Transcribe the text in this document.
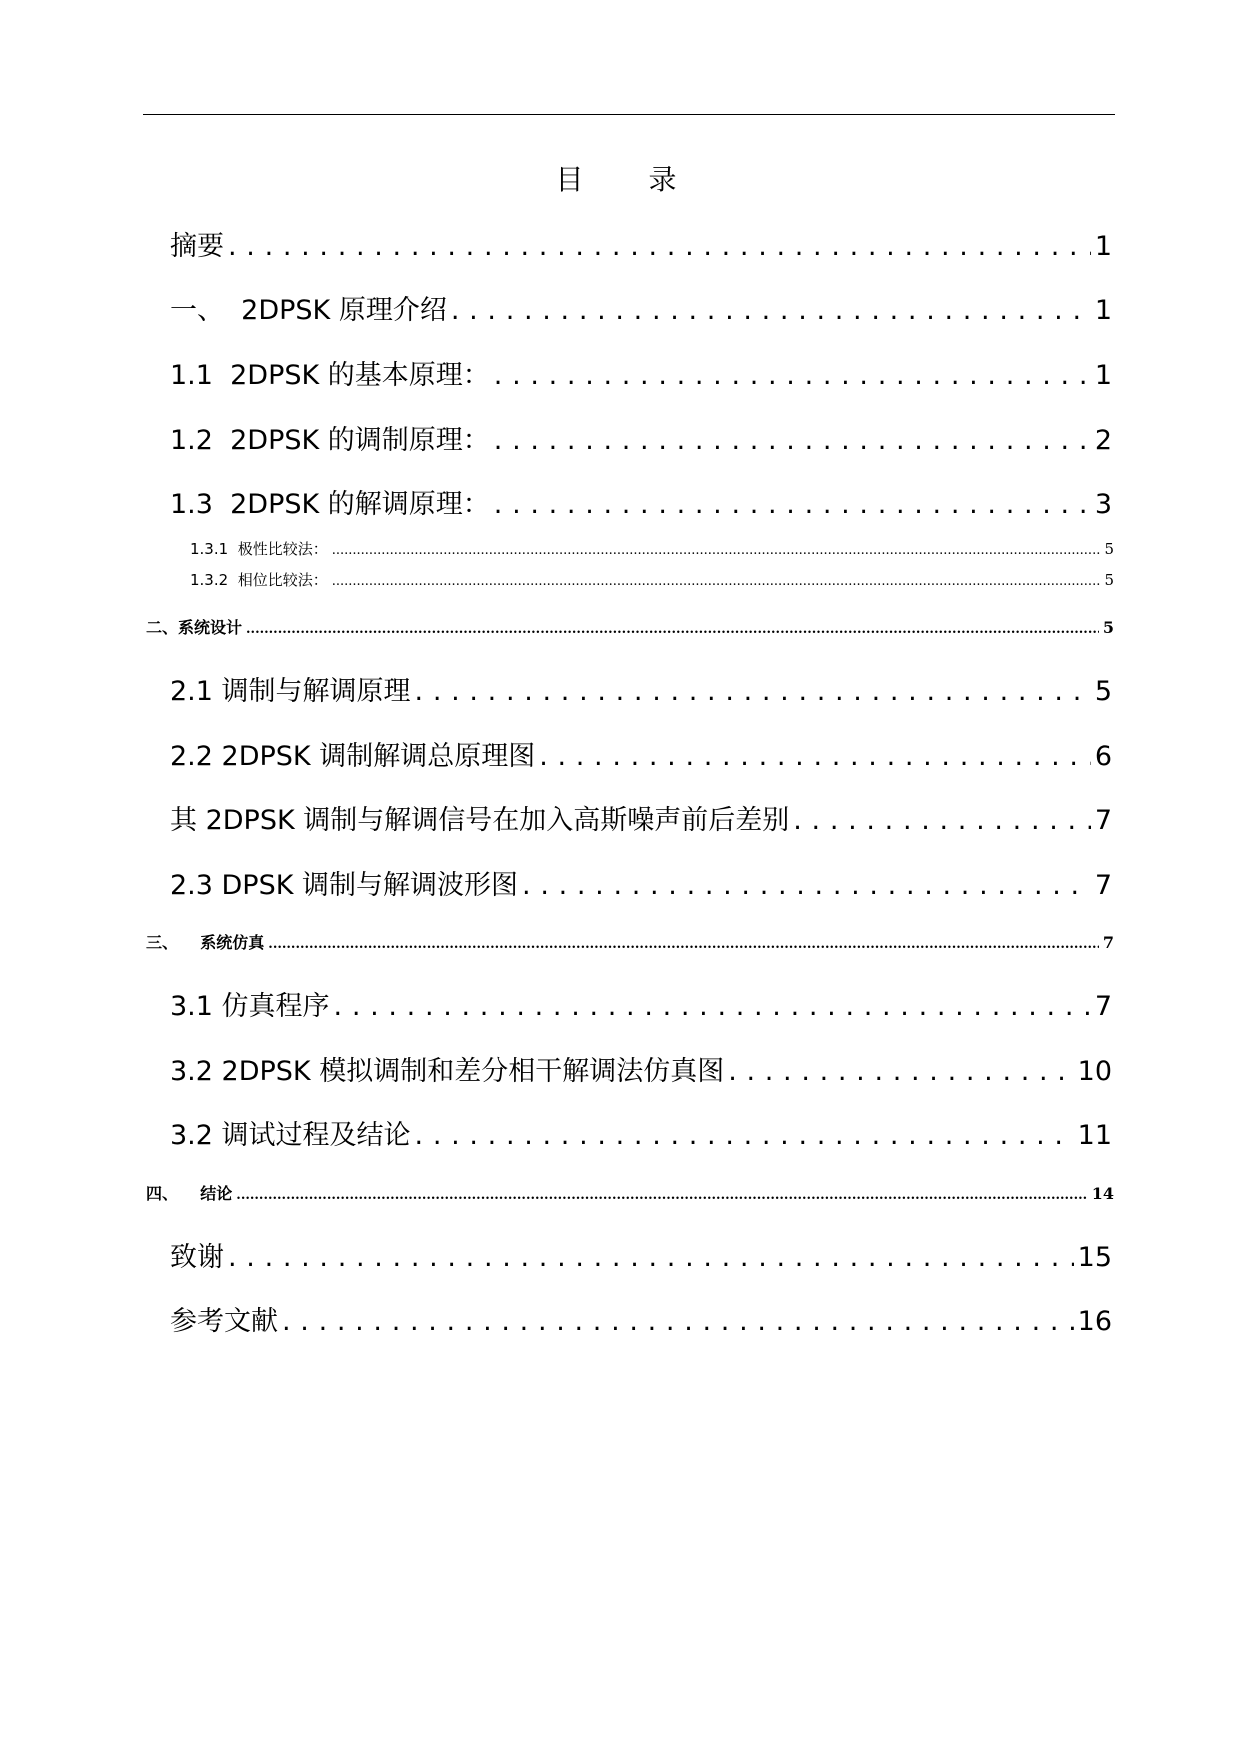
目 录
摘要 .....	1
一、  2DPSK 原理介绍 .....	1
1.1  2DPSK 的基本原理： .....	1
1.2  2DPSK 的调制原理： .....	2
1.3  2DPSK 的解调原理： .....	3
1.3.1  极性比较法： .....	5
1.3.2  相位比较法： .....	5
二、系统设计 .....	5
2.1 调制与解调原理 .....	5
2.2 2DPSK 调制解调总原理图 .....	6
其 2DPSK 调制与解调信号在加入高斯噪声前后差别 .....	7
2.3 DPSK 调制与解调波形图 .....	7
三、    系统仿真 .....	7
3.1 仿真程序 .....	7
3.2 2DPSK 模拟调制和差分相干解调法仿真图 .....	10
3.2 调试过程及结论 .....	11
四、    结论 .....	14
致谢 .....	15
参考文献 .....	16
